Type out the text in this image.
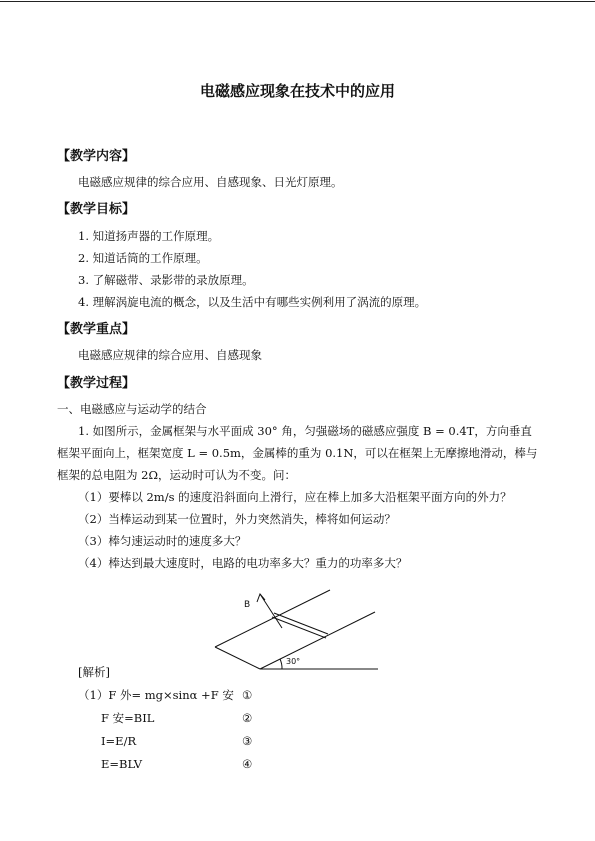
电磁感应现象在技术中的应用
【教学内容】
电磁感应规律的综合应用、自感现象、日光灯原理。
【教学目标】
1. 知道扬声器的工作原理。
2. 知道话筒的工作原理。
3. 了解磁带、录影带的录放原理。
4. 理解涡旋电流的概念，以及生活中有哪些实例利用了涡流的原理。
【教学重点】
电磁感应规律的综合应用、自感现象
【教学过程】
一、电磁感应与运动学的结合
1. 如图所示，金属框架与水平面成 30° 角，匀强磁场的磁感应强度 B = 0.4T，方向垂直
框架平面向上，框架宽度 L = 0.5m，金属棒的重为 0.1N，可以在框架上无摩擦地滑动，棒与
框架的总电阻为 2Ω，运动时可认为不变。问：
（1）要棒以 2m/s 的速度沿斜面向上滑行，应在棒上加多大沿框架平面方向的外力？
（2）当棒运动到某一位置时，外力突然消失，棒将如何运动？
（3）棒匀速运动时的速度多大？
（4）棒达到最大速度时，电路的电功率多大？重力的功率多大？
B
30°
[解析]
（1）F 外= mg×sinα +F 安 ①
F 安=BIL	②
I=E/R	③
E=BLV	④
